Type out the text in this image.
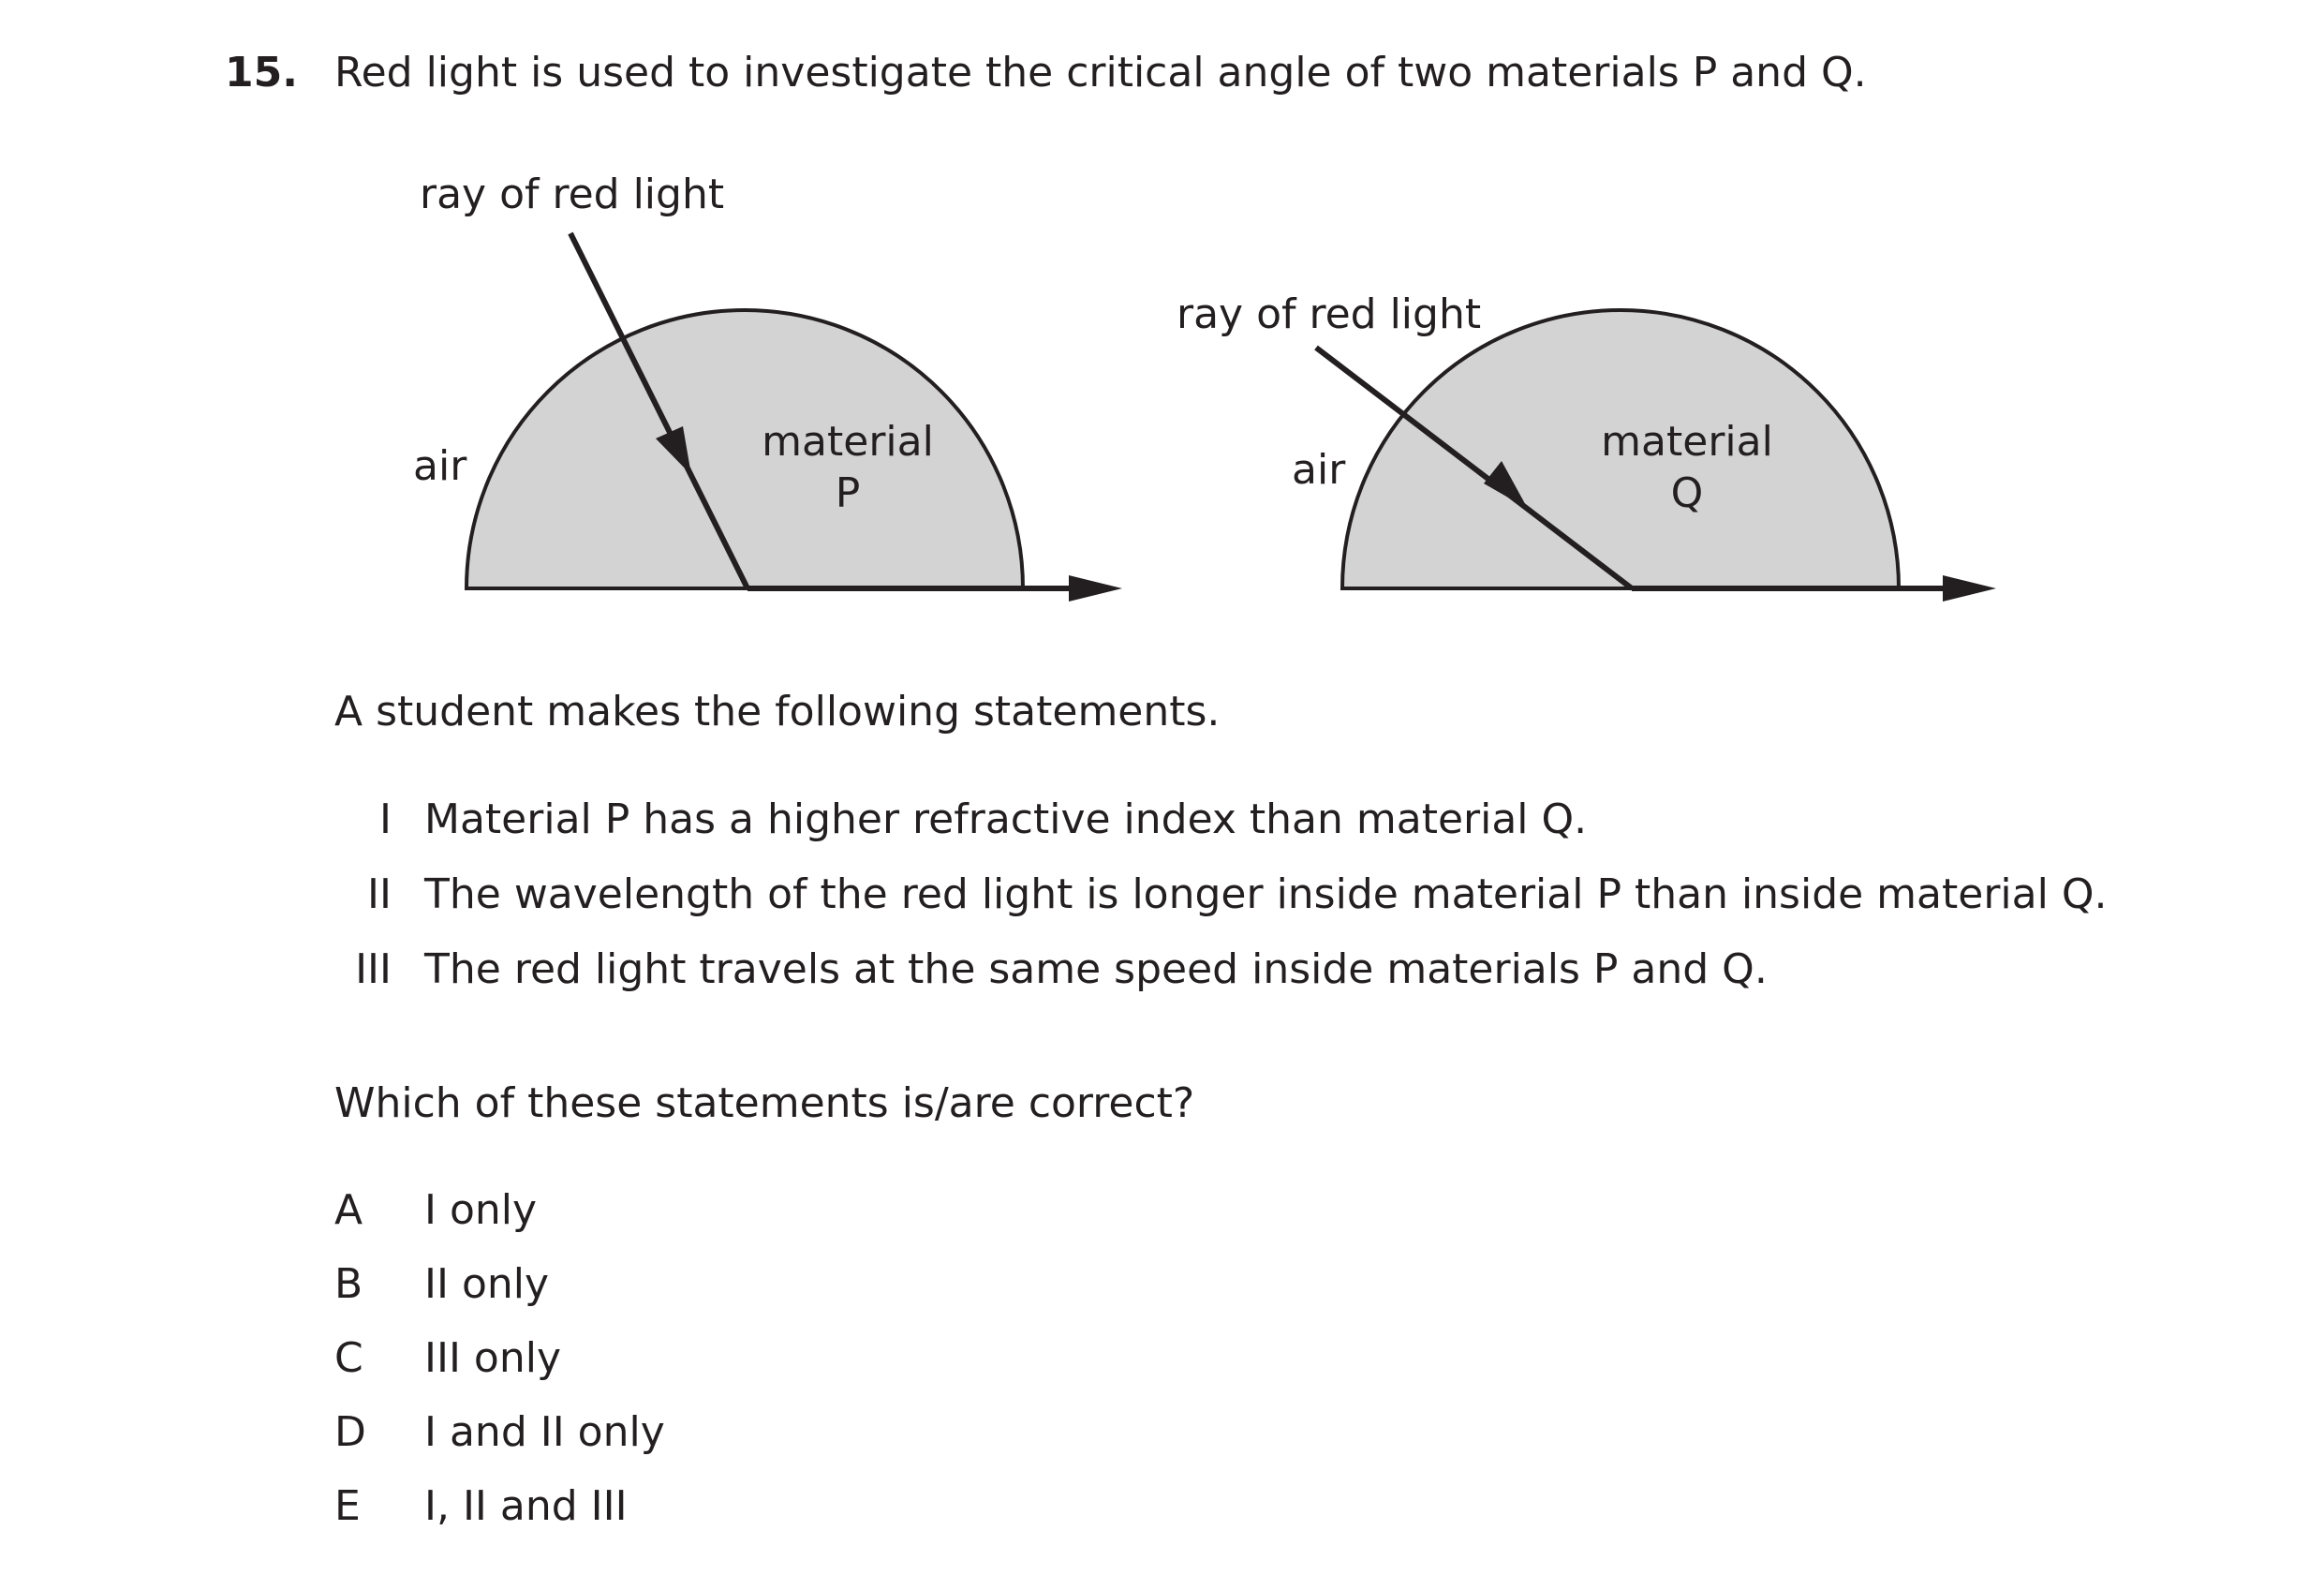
15. Red light is used to investigate the critical angle of two materials P and Q.
ray of red light
air
material
P
ray of red light
air
material
Q
A student makes the following statements.
I Material P has a higher refractive index than material Q.
II The wavelength of the red light is longer inside material P than inside material Q.
III The red light travels at the same speed inside materials P and Q.
Which of these statements is/are correct?
A I only
B II only
C III only
D I and II only
E I, II and III
